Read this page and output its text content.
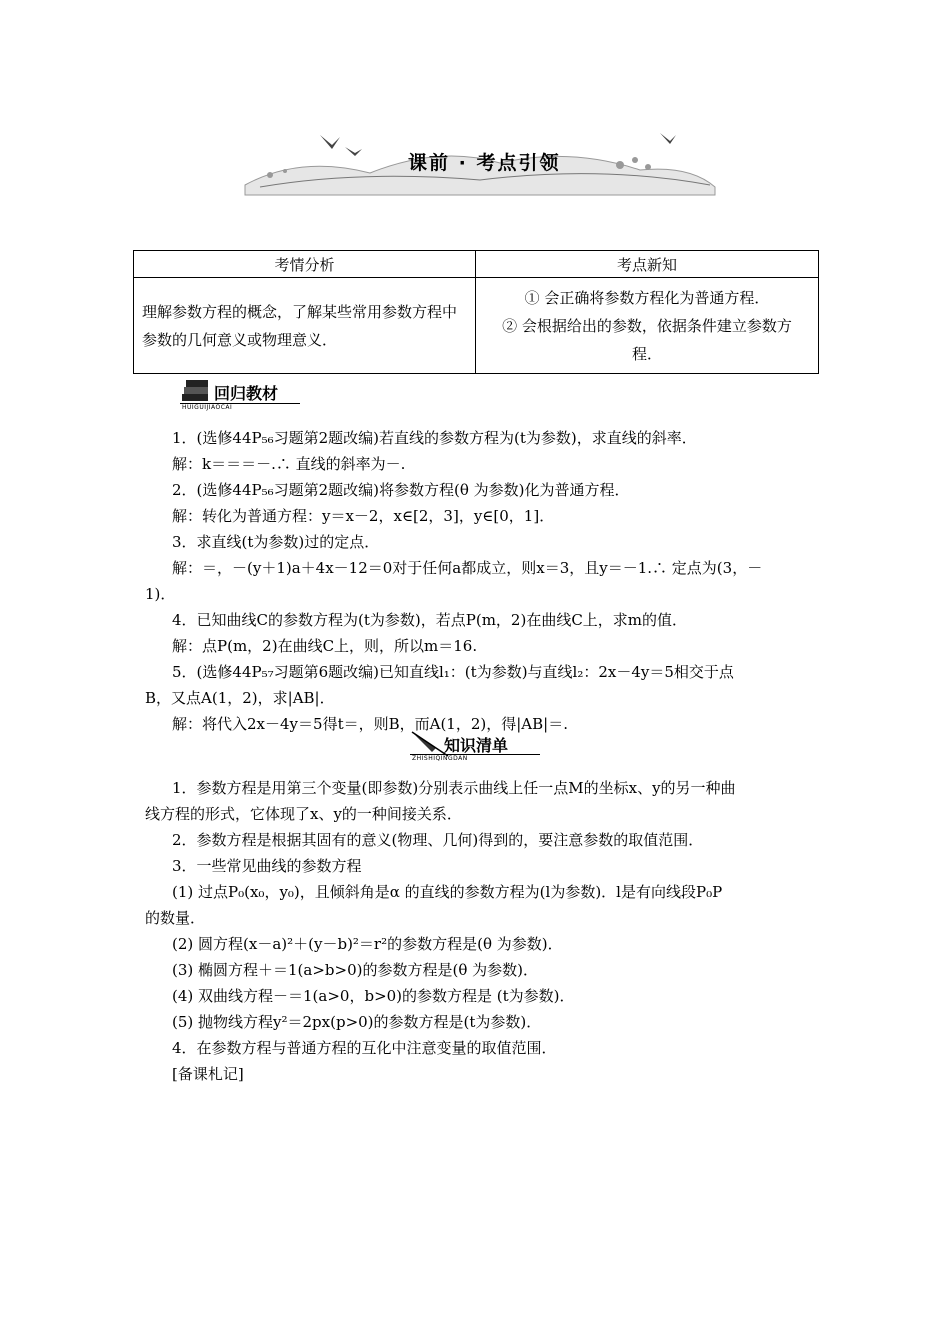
课前 · 考点引领
考情分析	考点新知
理解参数方程的概念，了解某些常用参数方程中参数的几何意义或物理意义．	① 会正确将参数方程化为普通方程．
② 会根据给出的参数，依据条件建立参数方
程．
回归教材
HUIGUIJIAOCAI

1．(选修44P₅₆习题第2题改编)若直线的参数方程为(t为参数)，求直线的斜率．

解：k＝＝＝－.∴ 直线的斜率为－.

2．(选修44P₅₆习题第2题改编)将参数方程(θ 为参数)化为普通方程．

解：转化为普通方程：y＝x－2，x∈[2，3]，y∈[0，1]．

3．求直线(t为参数)过的定点．

解：＝，－(y＋1)a＋4x－12＝0对于任何a都成立，则x＝3，且y＝－1.∴ 定点为(3，－

1)．

4．已知曲线C的参数方程为(t为参数)，若点P(m，2)在曲线C上，求m的值．

解：点P(m，2)在曲线C上，则，所以m＝16.

5．(选修44P₅₇习题第6题改编)已知直线l₁：(t为参数)与直线l₂：2x－4y＝5相交于点

B，又点A(1，2)，求|AB|．

解：将代入2x－4y＝5得t＝，则B，而A(1，2)，得|AB|＝.

知识清单
ZHISHIQINGDAN

1．参数方程是用第三个变量(即参数)分别表示曲线上任一点M的坐标x、y的另一种曲

线方程的形式，它体现了x、y的一种间接关系．

2．参数方程是根据其固有的意义(物理、几何)得到的，要注意参数的取值范围．

3．一些常见曲线的参数方程

(1) 过点P₀(x₀，y₀)，且倾斜角是α 的直线的参数方程为(l为参数)．l是有向线段P₀P

的数量．

(2) 圆方程(x－a)²＋(y－b)²＝r²的参数方程是(θ 为参数)．

(3) 椭圆方程＋＝1(a>b>0)的参数方程是(θ 为参数)．

(4) 双曲线方程－＝1(a>0，b>0)的参数方程是 (t为参数)．

(5) 抛物线方程y²＝2px(p>0)的参数方程是(t为参数)．

4．在参数方程与普通方程的互化中注意变量的取值范围．

[备课札记]
